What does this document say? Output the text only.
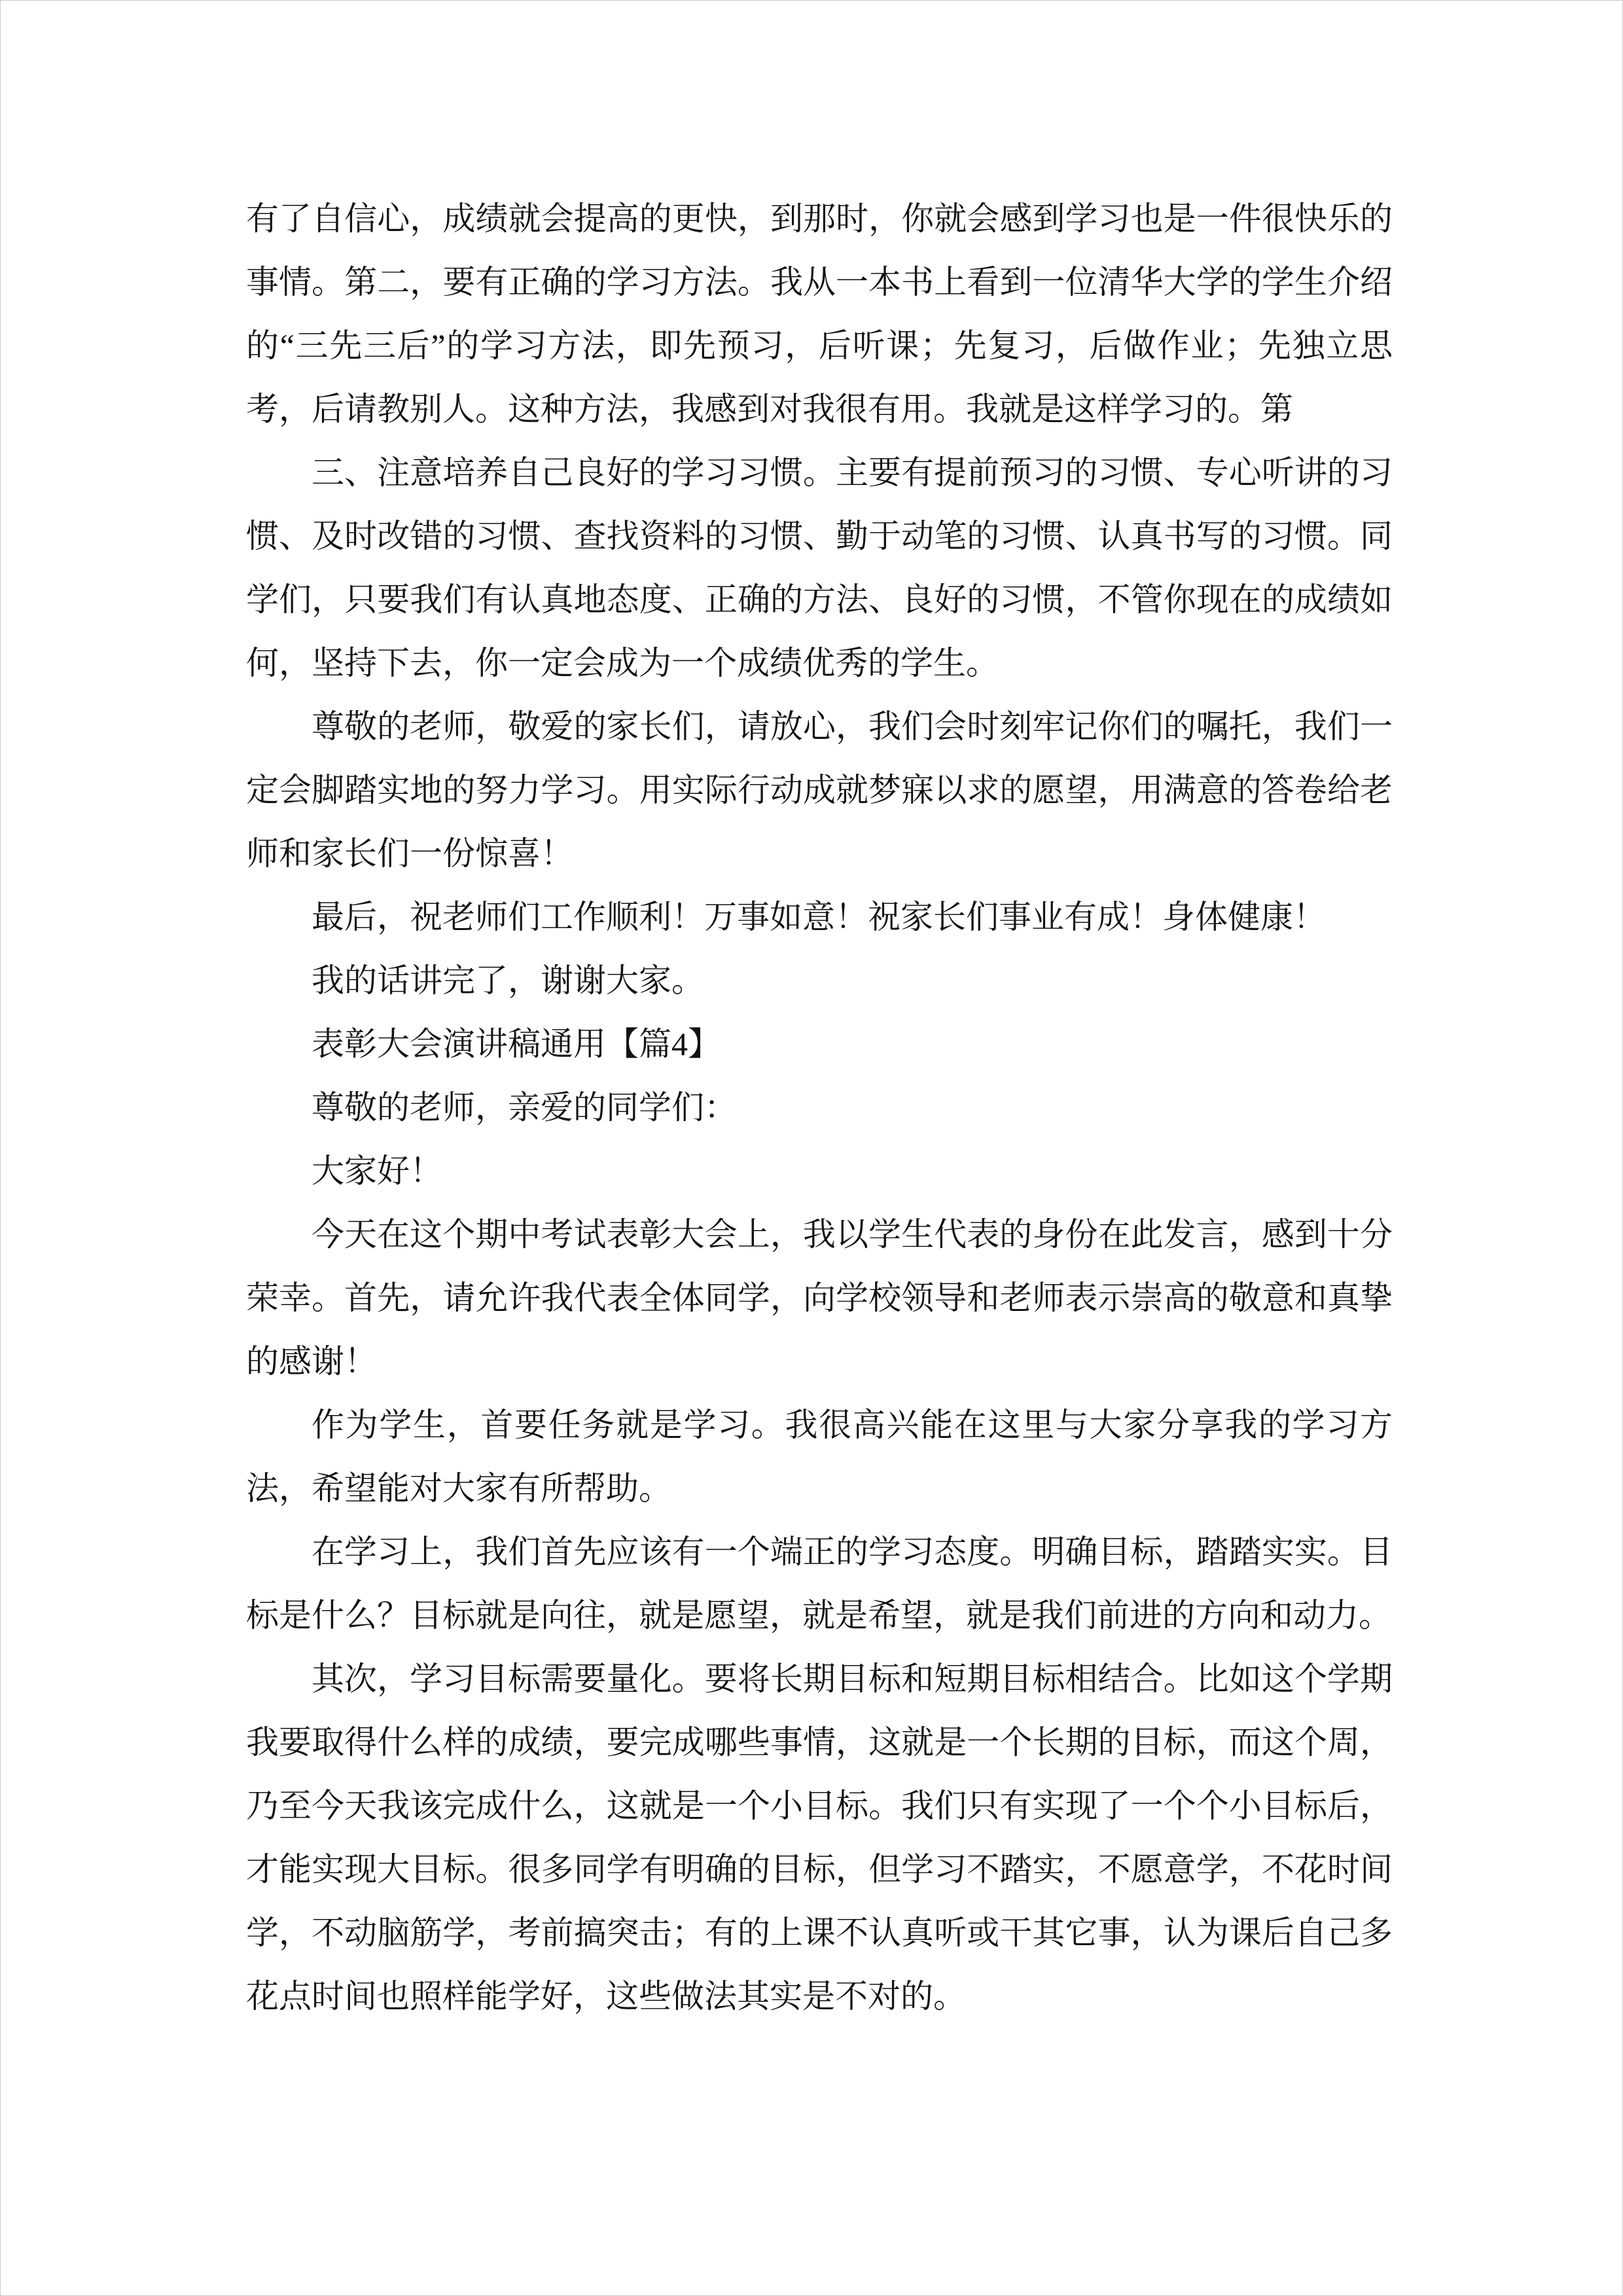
有了自信心，成绩就会提高的更快，到那时，你就会感到学习也是一件很快乐的事情。第二，要有正确的学习方法。我从一本书上看到一位清华大学的学生介绍的“三先三后”的学习方法，即先预习，后听课；先复习，后做作业；先独立思考，后请教别人。这种方法，我感到对我很有用。我就是这样学习的。第

三、注意培养自己良好的学习习惯。主要有提前预习的习惯、专心听讲的习惯、及时改错的习惯、查找资料的习惯、勤于动笔的习惯、认真书写的习惯。同学们，只要我们有认真地态度、正确的方法、良好的习惯，不管你现在的成绩如何，坚持下去，你一定会成为一个成绩优秀的学生。

尊敬的老师，敬爱的家长们，请放心，我们会时刻牢记你们的嘱托，我们一定会脚踏实地的努力学习。用实际行动成就梦寐以求的愿望，用满意的答卷给老师和家长们一份惊喜！

最后，祝老师们工作顺利！万事如意！祝家长们事业有成！身体健康！

我的话讲完了，谢谢大家。

表彰大会演讲稿通用【篇4】

尊敬的老师，亲爱的同学们：

大家好！

今天在这个期中考试表彰大会上，我以学生代表的身份在此发言，感到十分荣幸。首先，请允许我代表全体同学，向学校领导和老师表示崇高的敬意和真挚的感谢！

作为学生，首要任务就是学习。我很高兴能在这里与大家分享我的学习方法，希望能对大家有所帮助。

在学习上，我们首先应该有一个端正的学习态度。明确目标，踏踏实实。目标是什么？目标就是向往，就是愿望，就是希望，就是我们前进的方向和动力。

其次，学习目标需要量化。要将长期目标和短期目标相结合。比如这个学期我要取得什么样的成绩，要完成哪些事情，这就是一个长期的目标，而这个周，乃至今天我该完成什么，这就是一个小目标。我们只有实现了一个个小目标后，才能实现大目标。很多同学有明确的目标，但学习不踏实，不愿意学，不花时间学，不动脑筋学，考前搞突击；有的上课不认真听或干其它事，认为课后自己多花点时间也照样能学好，这些做法其实是不对的。
